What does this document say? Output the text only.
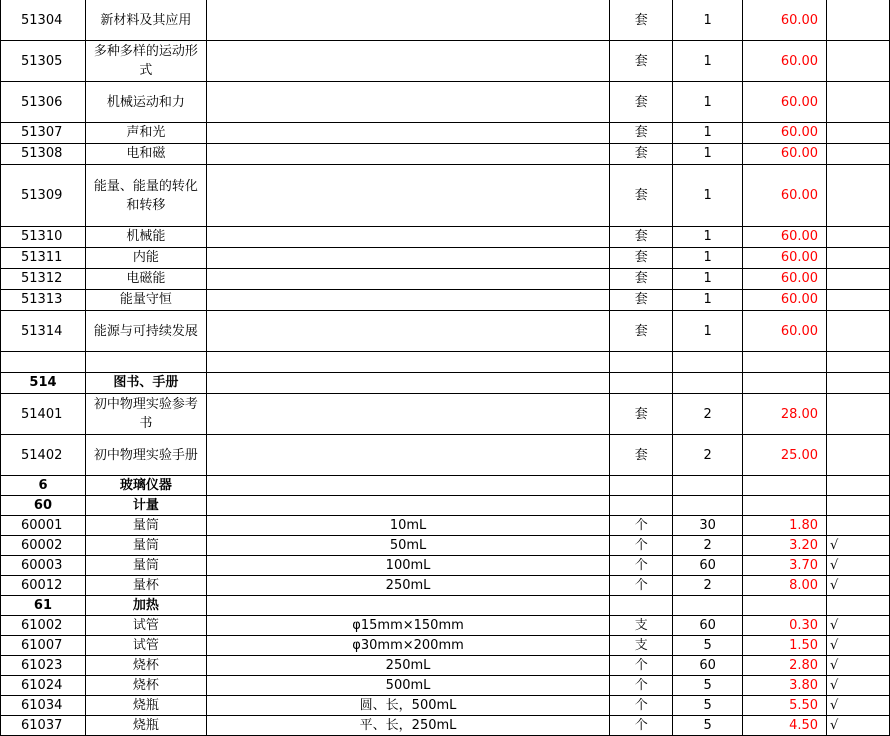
51304	新材料及其应用		套	1	60.00	
51305	多种多样的运动形式		套	1	60.00	
51306	机械运动和力		套	1	60.00	
51307	声和光		套	1	60.00	
51308	电和磁		套	1	60.00	
51309	能量、能量的转化和转移		套	1	60.00	
51310	机械能		套	1	60.00	
51311	内能		套	1	60.00	
51312	电磁能		套	1	60.00	
51313	能量守恒		套	1	60.00	
51314	能源与可持续发展		套	1	60.00	

514	图书、手册					
51401	初中物理实验参考书		套	2	28.00	
51402	初中物理实验手册		套	2	25.00	
6	玻璃仪器					
60	计量					
60001	量筒	10mL	个	30	1.80	
60002	量筒	50mL	个	2	3.20	√
60003	量筒	100mL	个	60	3.70	√
60012	量杯	250mL	个	2	8.00	√
61	加热					
61002	试管	φ15mm×150mm	支	60	0.30	√
61007	试管	φ30mm×200mm	支	5	1.50	√
61023	烧杯	250mL	个	60	2.80	√
61024	烧杯	500mL	个	5	3.80	√
61034	烧瓶	圆、长，500mL	个	5	5.50	√
61037	烧瓶	平、长，250mL	个	5	4.50	√
